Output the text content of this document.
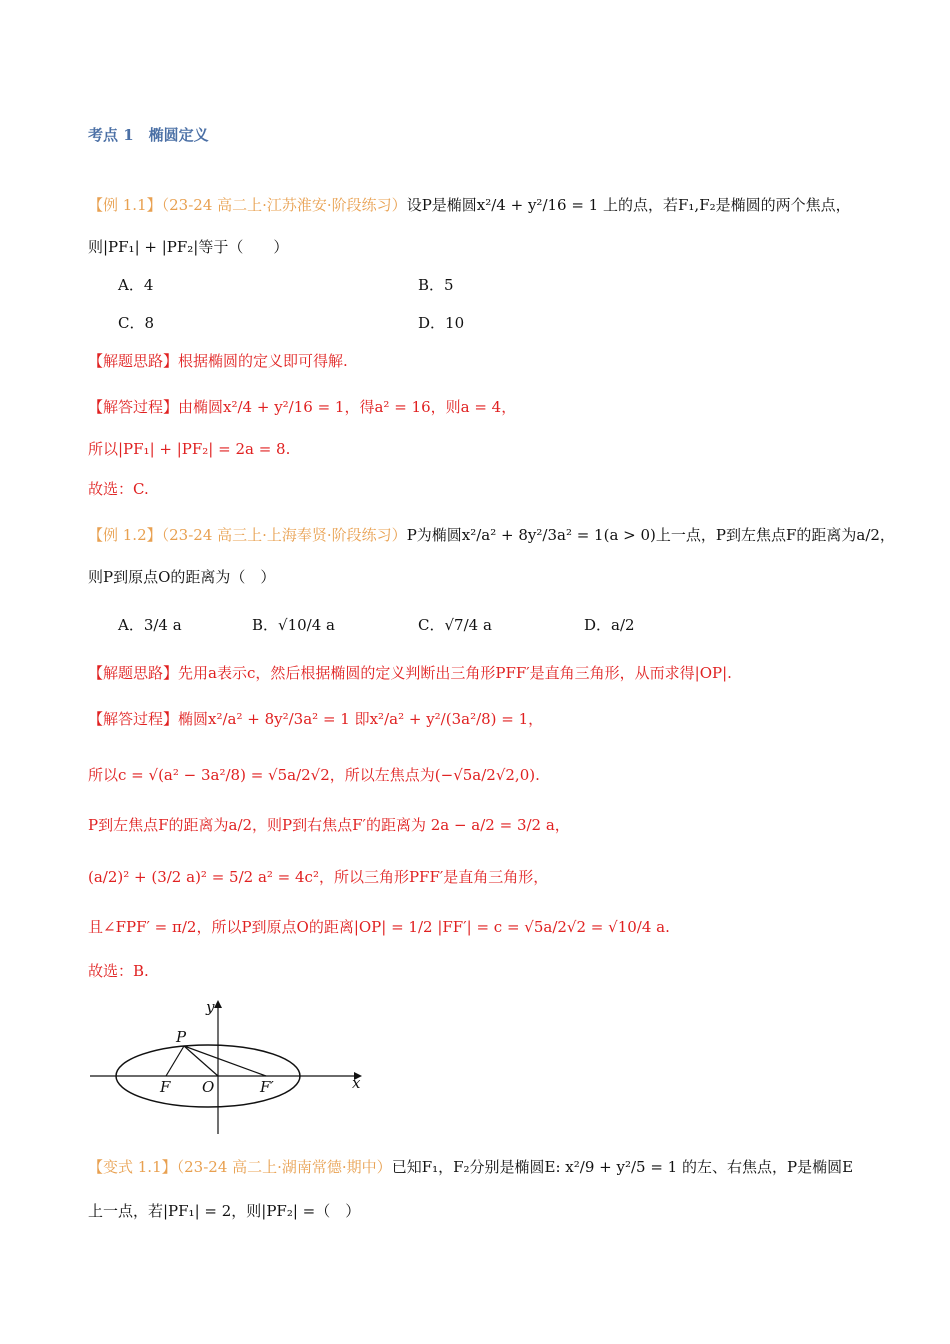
考点 1　椭圆定义
【例 1.1】（23-24 高二上·江苏淮安·阶段练习）设P是椭圆x²/4 + y²/16 = 1 上的点，若F₁,F₂是椭圆的两个焦点，
则|PF₁| + |PF₂|等于（　　）
A．4	B．5
C．8	D．10
【解题思路】根据椭圆的定义即可得解.
【解答过程】由椭圆x²/4 + y²/16 = 1，得a² = 16，则a = 4，
所以|PF₁| + |PF₂| = 2a = 8.
故选：C.
【例 1.2】（23-24 高三上·上海奉贤·阶段练习）P为椭圆x²/a² + 8y²/3a² = 1(a > 0)上一点，P到左焦点F的距离为a/2，
则P到原点O的距离为（　）
A．3/4 a	B．√10/4 a	C．√7/4 a	D．a/2
【解题思路】先用a表示c，然后根据椭圆的定义判断出三角形PFF′是直角三角形，从而求得|OP|.
【解答过程】椭圆x²/a² + 8y²/3a² = 1 即x²/a² + y²/(3a²/8) = 1，
所以c = √(a² − 3a²/8) = √5a/2√2，所以左焦点为(−√5a/2√2,0).
P到左焦点F的距离为a/2，则P到右焦点F′的距离为 2a − a/2 = 3/2 a，
(a/2)² + (3/2 a)² = 5/2 a² = 4c²，所以三角形PFF′是直角三角形，
且∠FPF′ = π/2，所以P到原点O的距离|OP| = 1/2 |FF′| = c = √5a/2√2 = √10/4 a.
故选：B.
y
P
F O	F′	x
【变式 1.1】（23-24 高二上·湖南常德·期中）已知F₁，F₂分别是椭圆E: x²/9 + y²/5 = 1 的左、右焦点，P是椭圆E
上一点，若|PF₁| = 2，则|PF₂| =（　）
